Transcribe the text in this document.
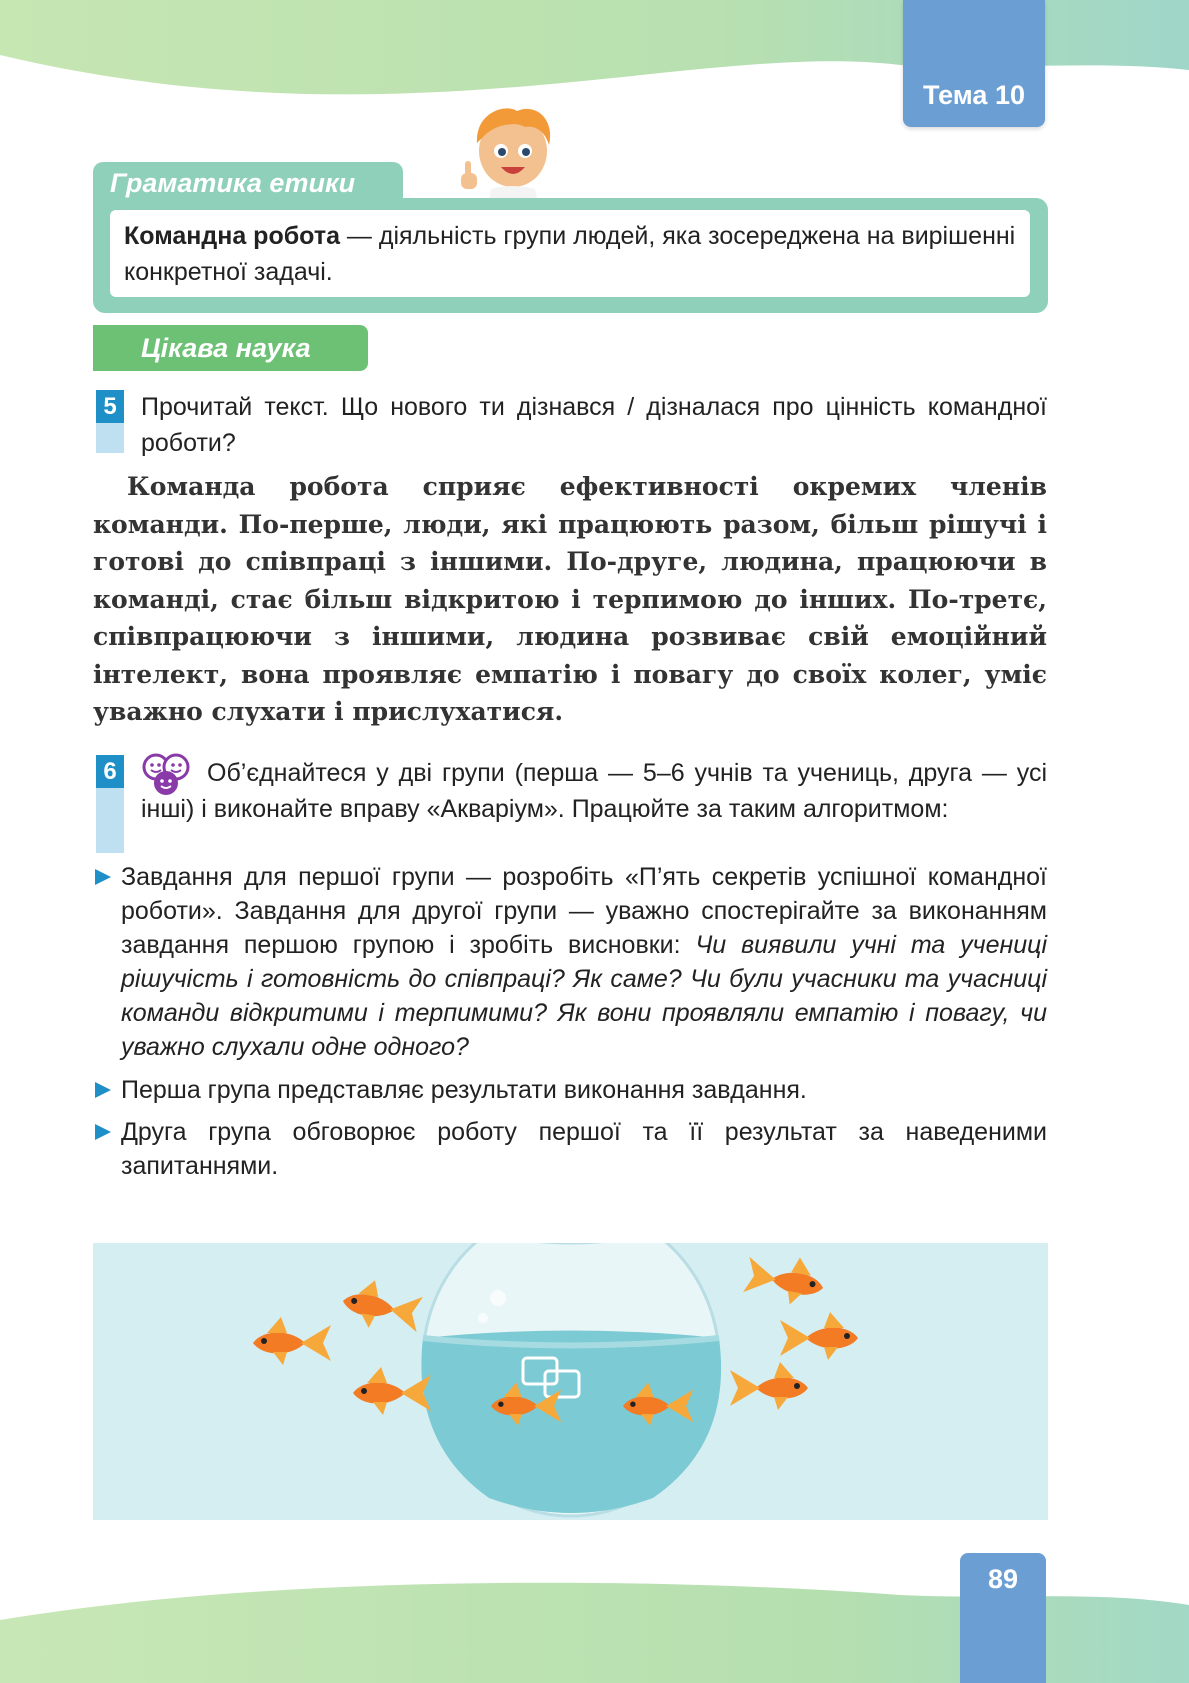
Тема 10
Граматика етики
Командна робота — діяльність групи людей, яка зосереджена на вирішенні конкретної задачі.
Цікава наука
5 Прочитай текст. Що нового ти дізнався / дізналася про цінність командної роботи?
Команда робота сприяє ефективності окремих членів команди. По-перше, люди, які працюють разом, більш рішучі і готові до співпраці з іншими. По-друге, людина, працюючи в команді, стає більш відкритою і терпимою до інших. По-третє, співпрацюючи з іншими, людина розвиває свій емоційний інтелект, вона проявляє емпатію і повагу до своїх колег, уміє уважно слухати і прислухатися.
6	Об’єднайтеся у дві групи (перша — 5–6 учнів та учениць, друга — усі інші) і виконайте вправу «Акваріум». Працюйте за таким алгоритмом:
Завдання для першої групи — розробіть «П’ять секретів успішної командної роботи». Завдання для другої групи — уважно спостерігайте за виконанням завдання першою групою і зробіть висновки: Чи виявили учні та учениці рішучість і готовність до співпраці? Як саме? Чи були учасники та учасниці команди відкритими і терпимими? Як вони проявляли емпатію і повагу, чи уважно слухали одне одного?
Перша група представляє результати виконання завдання.
Друга група обговорює роботу першої та її результат за наведеними запитаннями.
89
